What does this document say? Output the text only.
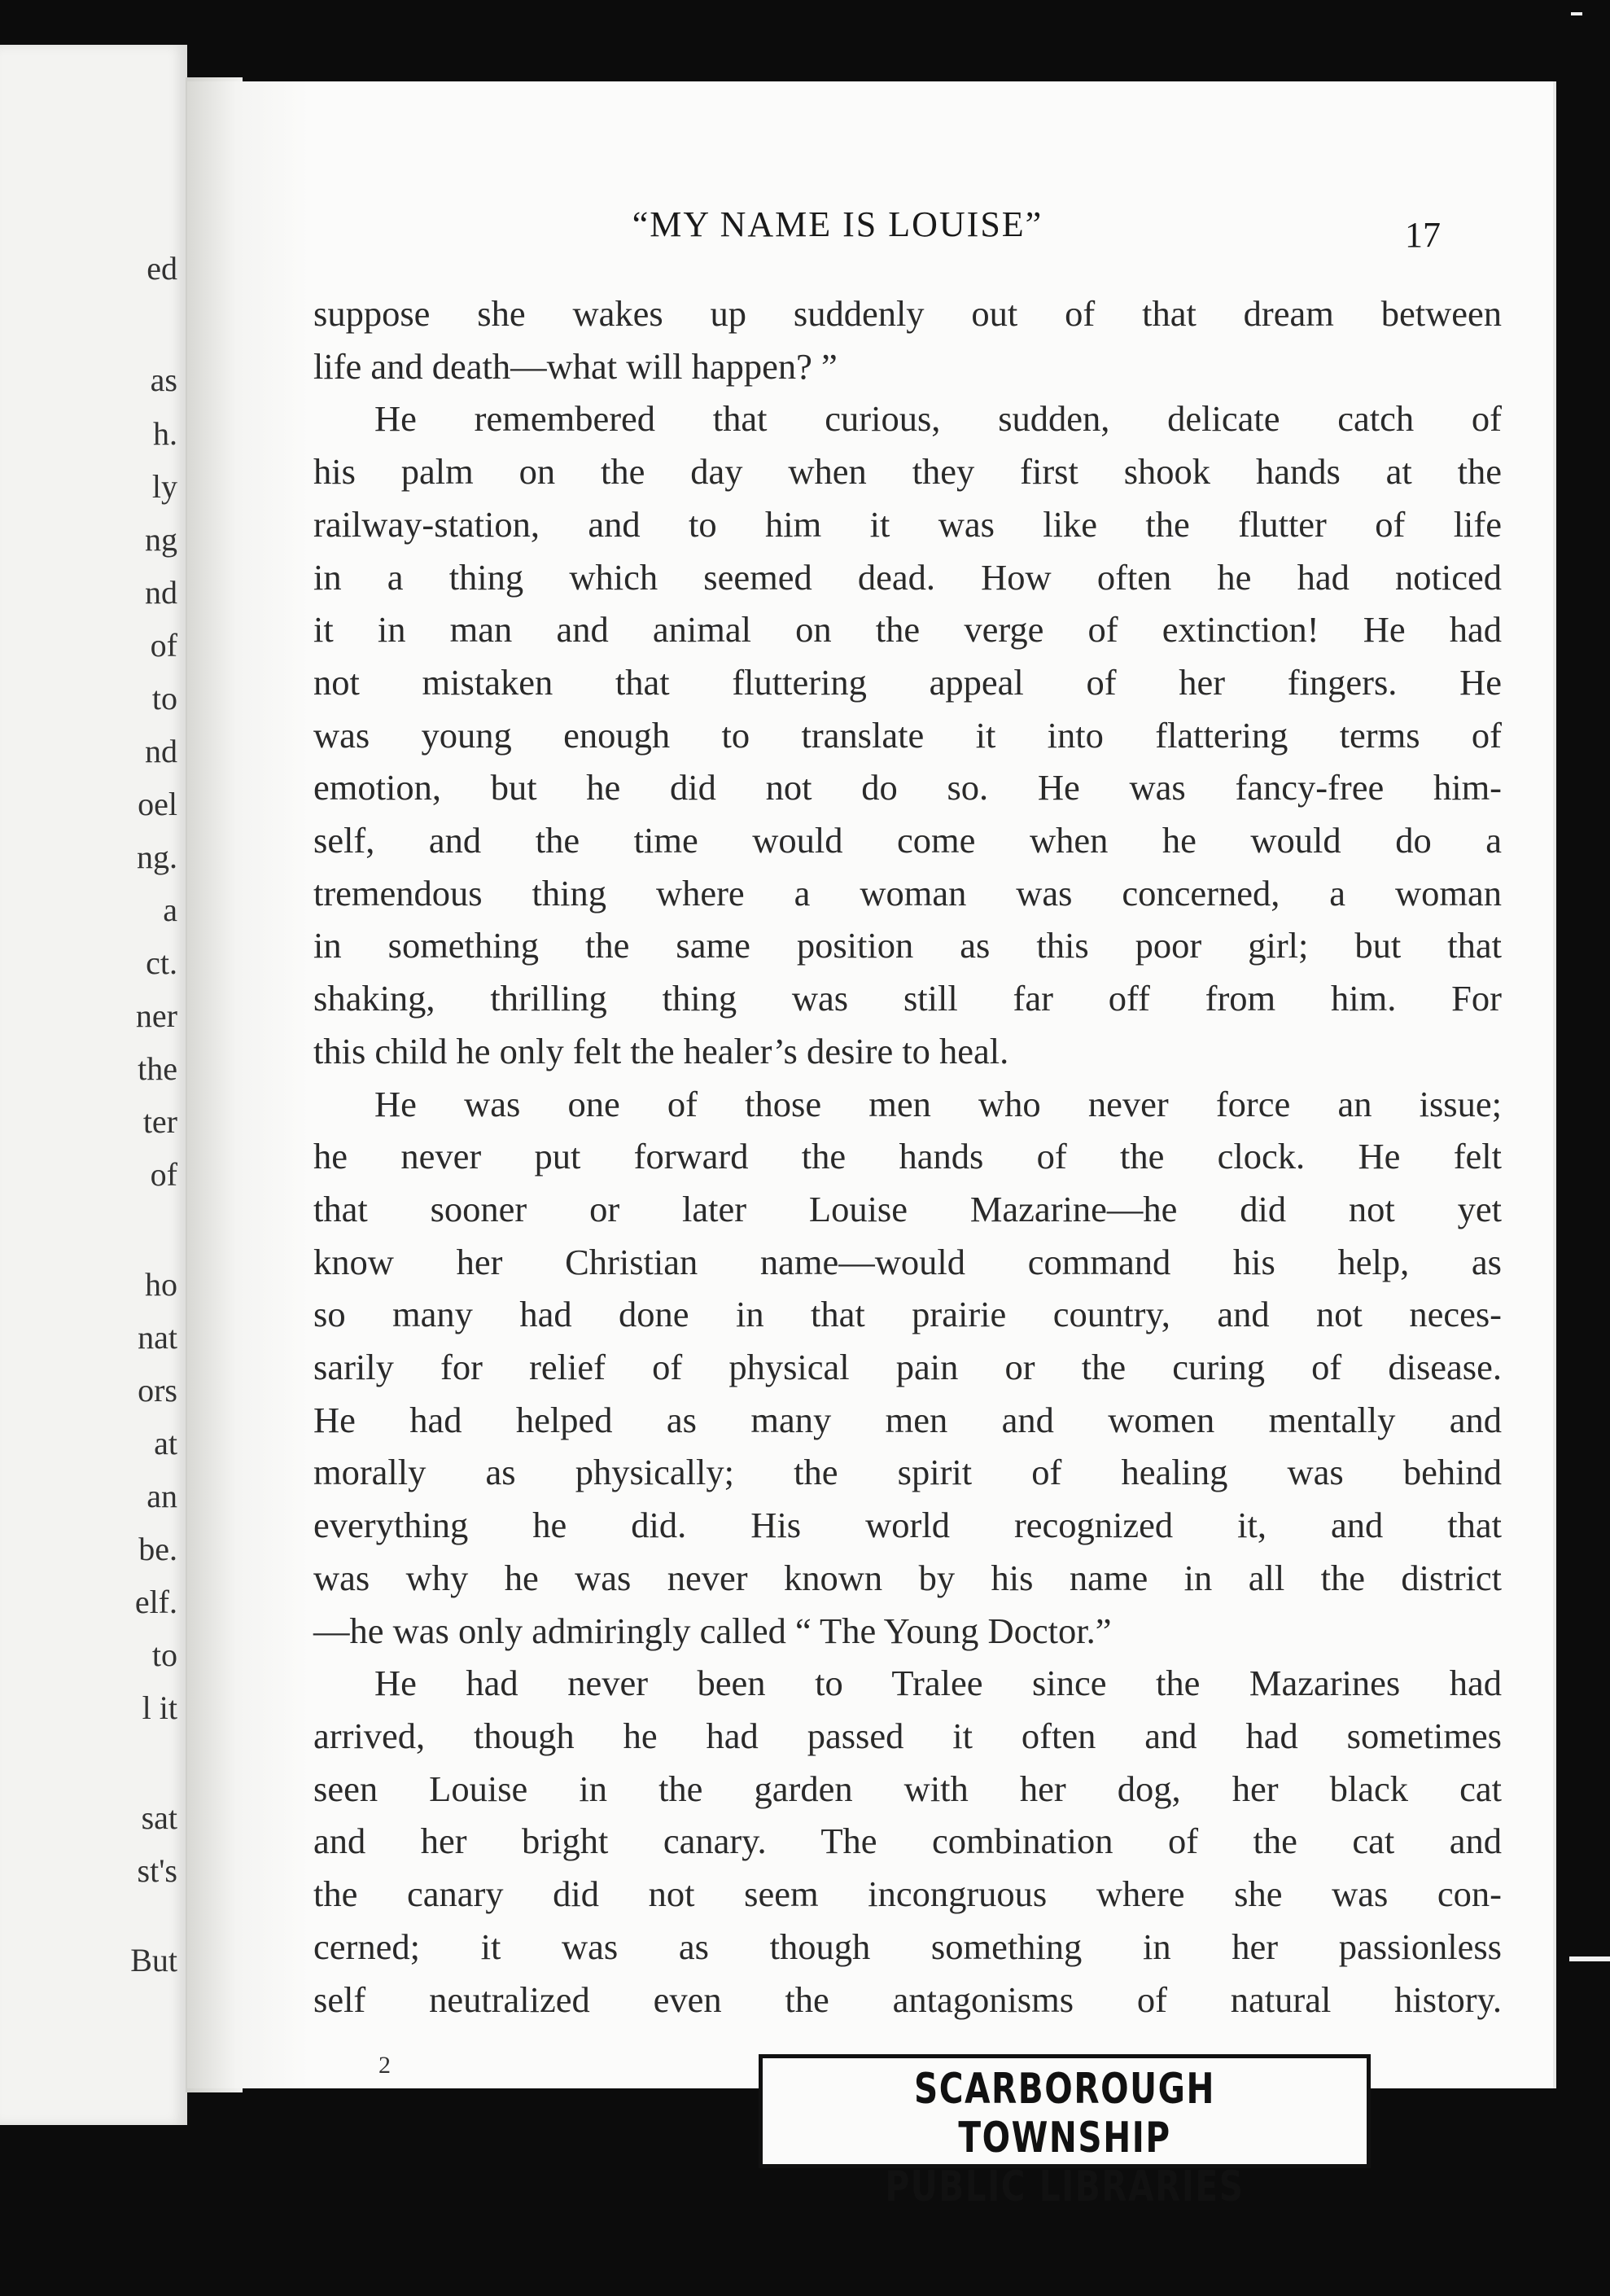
ed
as
h.
ly
ng
nd
of
to
nd
oel
ng.
a
ct.
ner
the
ter
of
ho
nat
ors
at
an
be.
elf.
to
l it
sat
st's
But
“MY NAME IS LOUISE”	17
suppose she wakes up suddenly out of that dream between
life and death—what will happen? ”
He remembered that curious, sudden, delicate catch of
his palm on the day when they first shook hands at the
railway-station, and to him it was like the flutter of life
in a thing which seemed dead. How often he had noticed
it in man and animal on the verge of extinction! He had
not mistaken that fluttering appeal of her fingers. He
was young enough to translate it into flattering terms of
emotion, but he did not do so. He was fancy-free him-
self, and the time would come when he would do a
tremendous thing where a woman was concerned, a woman
in something the same position as this poor girl; but that
shaking, thrilling thing was still far off from him. For
this child he only felt the healer’s desire to heal.
He was one of those men who never force an issue;
he never put forward the hands of the clock. He felt
that sooner or later Louise Mazarine—he did not yet
know her Christian name—would command his help, as
so many had done in that prairie country, and not neces-
sarily for relief of physical pain or the curing of disease.
He had helped as many men and women mentally and
morally as physically; the spirit of healing was behind
everything he did. His world recognized it, and that
was why he was never known by his name in all the district
—he was only admiringly called “ The Young Doctor.”
He had never been to Tralee since the Mazarines had
arrived, though he had passed it often and had sometimes
seen Louise in the garden with her dog, her black cat
and her bright canary. The combination of the cat and
the canary did not seem incongruous where she was con-
cerned; it was as though something in her passionless
self neutralized even the antagonisms of natural history.
2	SCARBOROUGH TOWNSHIP
PUBLIC LIBRARIES
